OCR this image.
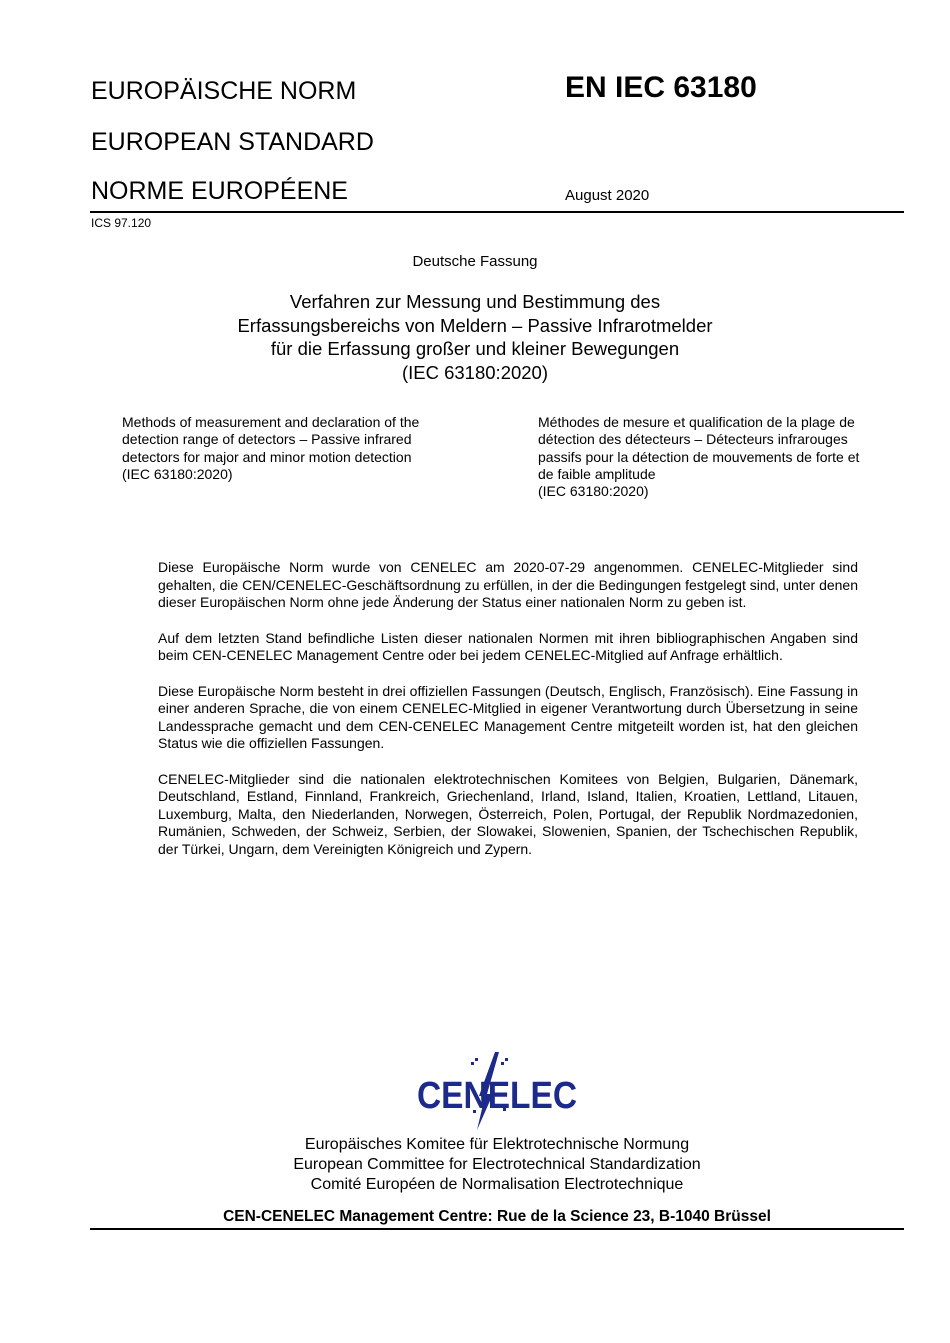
EUROPÄISCHE NORM
EUROPEAN STANDARD
NORME EUROPÉENE
EN IEC 63180
August 2020
ICS 97.120
Deutsche Fassung
Verfahren zur Messung und Bestimmung des
Erfassungsbereichs von Meldern – Passive Infrarotmelder
für die Erfassung großer und kleiner Bewegungen
(IEC 63180:2020)
Methods of measurement and declaration of the
detection range of detectors – Passive infrared
detectors for major and minor motion detection
(IEC 63180:2020)
Méthodes de mesure et qualification de la plage de
détection des détecteurs – Détecteurs infrarouges
passifs pour la détection de mouvements de forte et
de faible amplitude
(IEC 63180:2020)

Diese Europäische Norm wurde von CENELEC am 2020-07-29 angenommen. CENELEC-Mitglieder sind gehalten, die CEN/CENELEC-Geschäftsordnung zu erfüllen, in der die Bedingungen festgelegt sind, unter denen dieser Europäischen Norm ohne jede Änderung der Status einer nationalen Norm zu geben ist.

Auf dem letzten Stand befindliche Listen dieser nationalen Normen mit ihren bibliographischen Angaben sind beim CEN-CENELEC Management Centre oder bei jedem CENELEC-Mitglied auf Anfrage erhältlich.

Diese Europäische Norm besteht in drei offiziellen Fassungen (Deutsch, Englisch, Französisch). Eine Fassung in einer anderen Sprache, die von einem CENELEC-Mitglied in eigener Verantwortung durch Übersetzung in seine Landessprache gemacht und dem CEN-CENELEC Management Centre mitgeteilt worden ist, hat den gleichen Status wie die offiziellen Fassungen.

CENELEC-Mitglieder sind die nationalen elektrotechnischen Komitees von Belgien, Bulgarien, Dänemark, Deutschland, Estland, Finnland, Frankreich, Griechenland, Irland, Island, Italien, Kroatien, Lettland, Litauen, Luxemburg, Malta, den Niederlanden, Norwegen, Österreich, Polen, Portugal, der Republik Nordmazedonien, Rumänien, Schweden, der Schweiz, Serbien, der Slowakei, Slowenien, Spanien, der Tschechischen Republik, der Türkei, Ungarn, dem Vereinigten Königreich und Zypern.

CENELEC
Europäisches Komitee für Elektrotechnische Normung
European Committee for Electrotechnical Standardization
Comité Européen de Normalisation Electrotechnique
CEN-CENELEC Management Centre: Rue de la Science 23, B-1040 Brüssel
